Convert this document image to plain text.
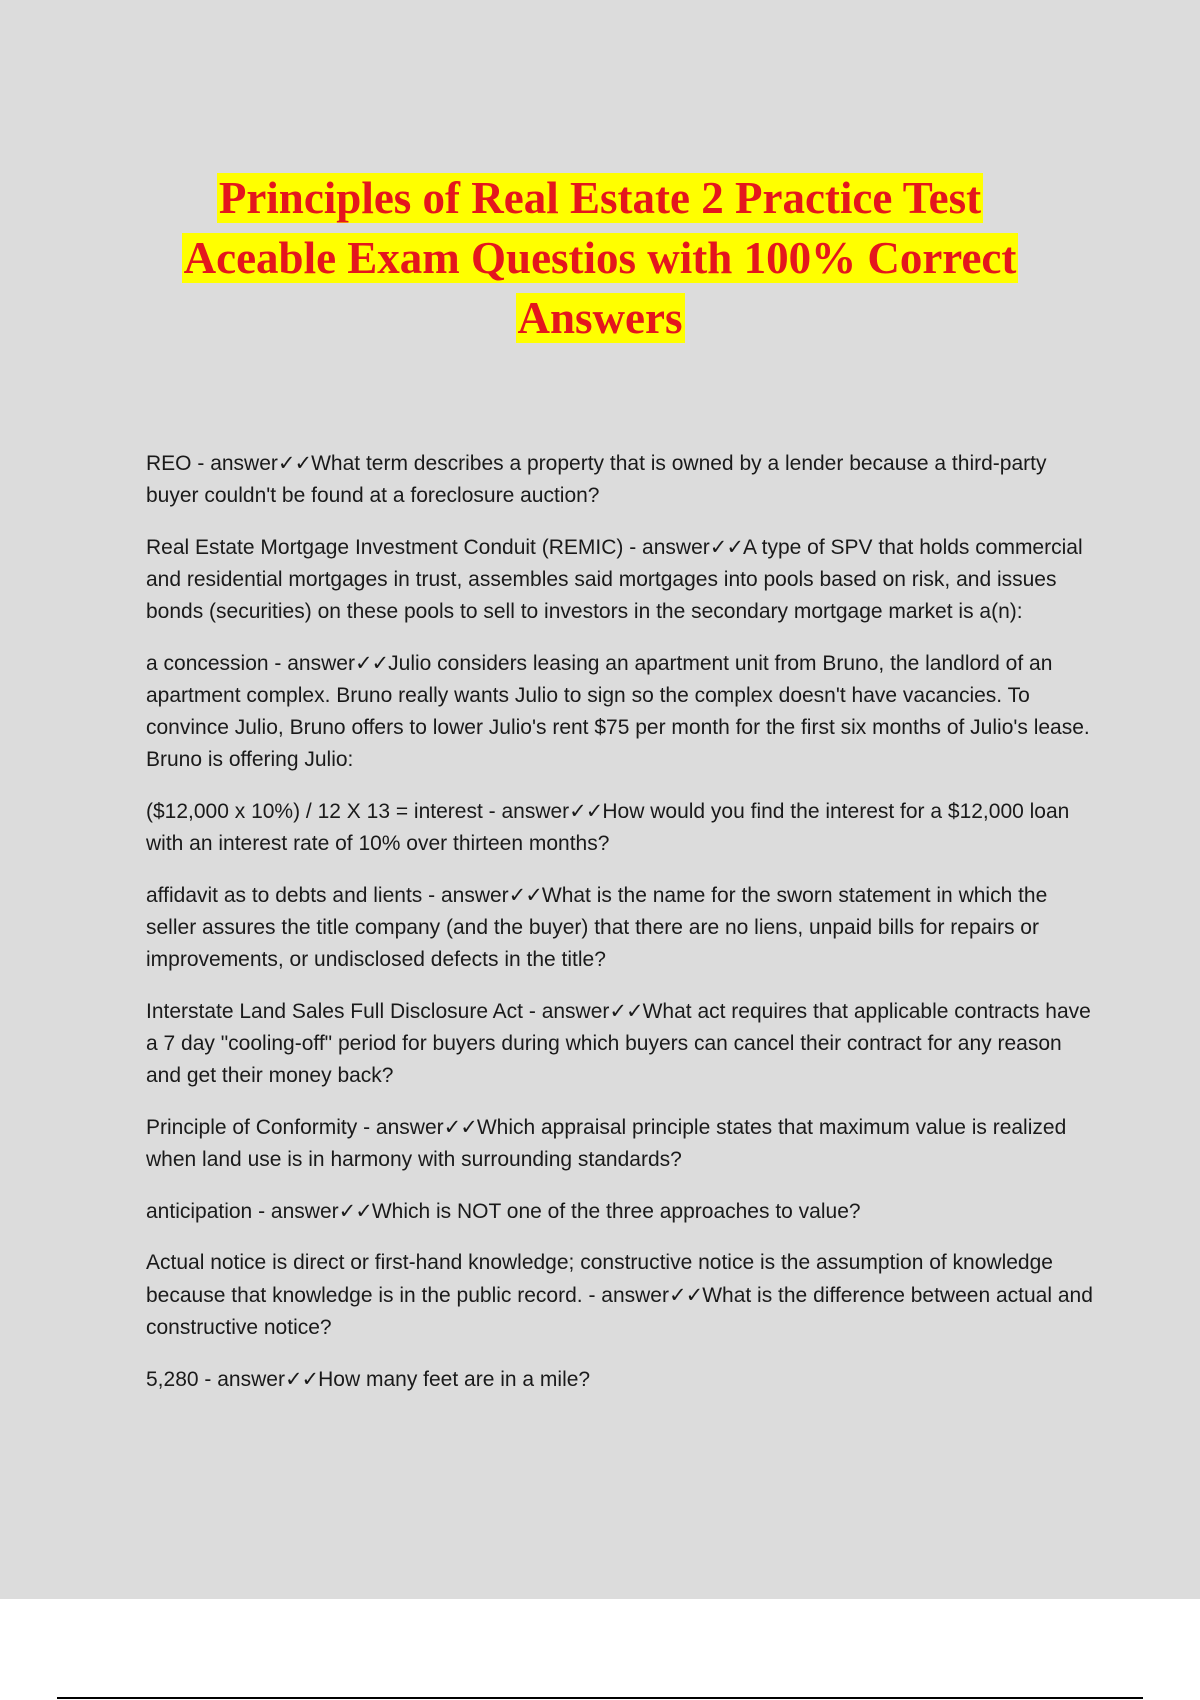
Principles of Real Estate 2 Practice Test
Aceable Exam Questios with 100% Correct
Answers

REO - answer✓✓What term describes a property that is owned by a lender because a third-party buyer couldn't be found at a foreclosure auction?

Real Estate Mortgage Investment Conduit (REMIC) - answer✓✓A type of SPV that holds commercial and residential mortgages in trust, assembles said mortgages into pools based on risk, and issues bonds (securities) on these pools to sell to investors in the secondary mortgage market is a(n):

a concession - answer✓✓Julio considers leasing an apartment unit from Bruno, the landlord of an apartment complex. Bruno really wants Julio to sign so the complex doesn't have vacancies. To convince Julio, Bruno offers to lower Julio's rent $75 per month for the first six months of Julio's lease. Bruno is offering Julio:

($12,000 x 10%) / 12 X 13 = interest - answer✓✓How would you find the interest for a $12,000 loan with an interest rate of 10% over thirteen months?

affidavit as to debts and lients - answer✓✓What is the name for the sworn statement in which the seller assures the title company (and the buyer) that there are no liens, unpaid bills for repairs or improvements, or undisclosed defects in the title?

Interstate Land Sales Full Disclosure Act - answer✓✓What act requires that applicable contracts have a 7 day "cooling-off" period for buyers during which buyers can cancel their contract for any reason and get their money back?

Principle of Conformity - answer✓✓Which appraisal principle states that maximum value is realized when land use is in harmony with surrounding standards?

anticipation - answer✓✓Which is NOT one of the three approaches to value?

Actual notice is direct or first-hand knowledge; constructive notice is the assumption of knowledge because that knowledge is in the public record. - answer✓✓What is the difference between actual and constructive notice?

5,280 - answer✓✓How many feet are in a mile?
